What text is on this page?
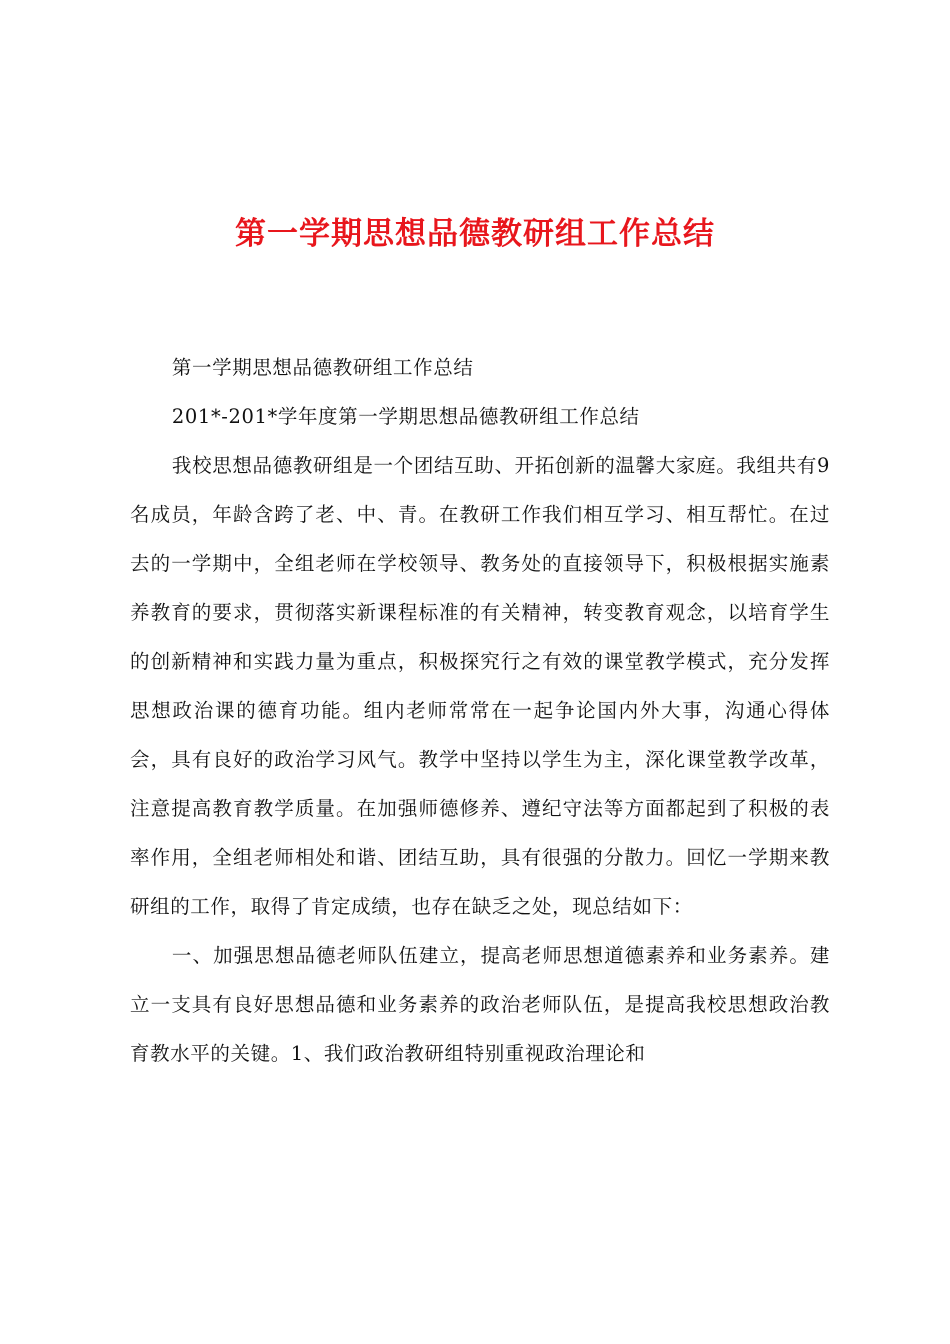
第一学期思想品德教研组工作总结

第一学期思想品德教研组工作总结

201*-201*学年度第一学期思想品德教研组工作总结

我校思想品德教研组是一个团结互助、开拓创新的温馨大家庭。我组共有9名成员，年龄含跨了老、中、青。在教研工作我们相互学习、相互帮忙。在过去的一学期中，全组老师在学校领导、教务处的直接领导下，积极根据实施素养教育的要求，贯彻落实新课程标准的有关精神，转变教育观念，以培育学生的创新精神和实践力量为重点，积极探究行之有效的课堂教学模式，充分发挥思想政治课的德育功能。组内老师常常在一起争论国内外大事，沟通心得体会，具有良好的政治学习风气。教学中坚持以学生为主，深化课堂教学改革，注意提高教育教学质量。在加强师德修养、遵纪守法等方面都起到了积极的表率作用，全组老师相处和谐、团结互助，具有很强的分散力。回忆一学期来教研组的工作，取得了肯定成绩，也存在缺乏之处，现总结如下：

一、加强思想品德老师队伍建立，提高老师思想道德素养和业务素养。建立一支具有良好思想品德和业务素养的政治老师队伍，是提高我校思想政治教育教水平的关键。1、我们政治教研组特别重视政治理论和
